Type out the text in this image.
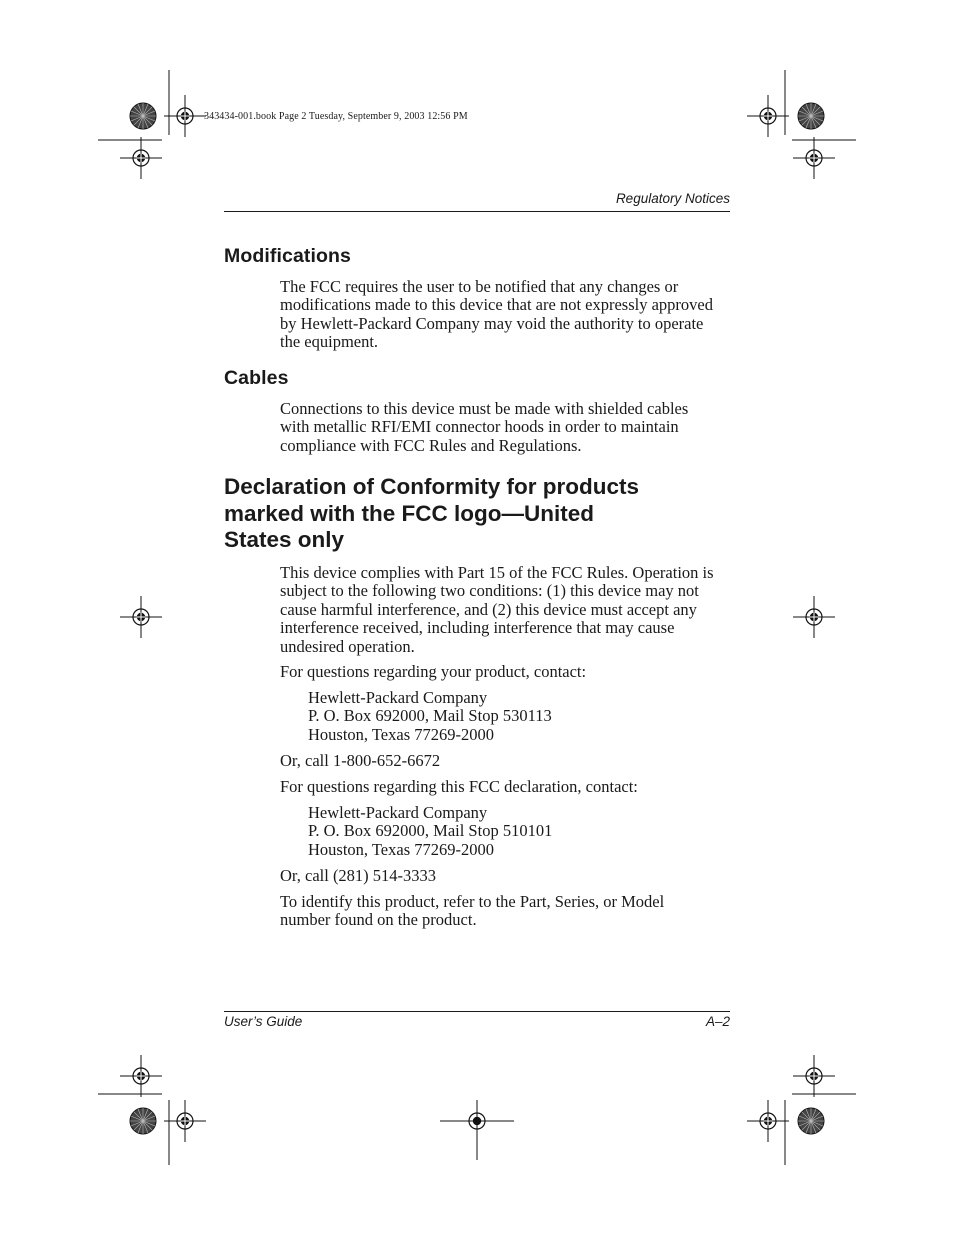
343434-001.book Page 2 Tuesday, September 9, 2003 12:56 PM
Regulatory Notices
Modifications
The FCC requires the user to be notified that any changes or
modifications made to this device that are not expressly approved
by Hewlett-Packard Company may void the authority to operate
the equipment.
Cables
Connections to this device must be made with shielded cables
with metallic RFI/EMI connector hoods in order to maintain
compliance with FCC Rules and Regulations.
Declaration of Conformity for products
marked with the FCC logo—United
States only
This device complies with Part 15 of the FCC Rules. Operation is
subject to the following two conditions: (1) this device may not
cause harmful interference, and (2) this device must accept any
interference received, including interference that may cause
undesired operation.
For questions regarding your product, contact:
Hewlett-Packard Company
P. O. Box 692000, Mail Stop 530113
Houston, Texas 77269-2000
Or, call 1-800-652-6672
For questions regarding this FCC declaration, contact:
Hewlett-Packard Company
P. O. Box 692000, Mail Stop 510101
Houston, Texas 77269-2000
Or, call (281) 514-3333
To identify this product, refer to the Part, Series, or Model
number found on the product.
User’s Guide	A–2
